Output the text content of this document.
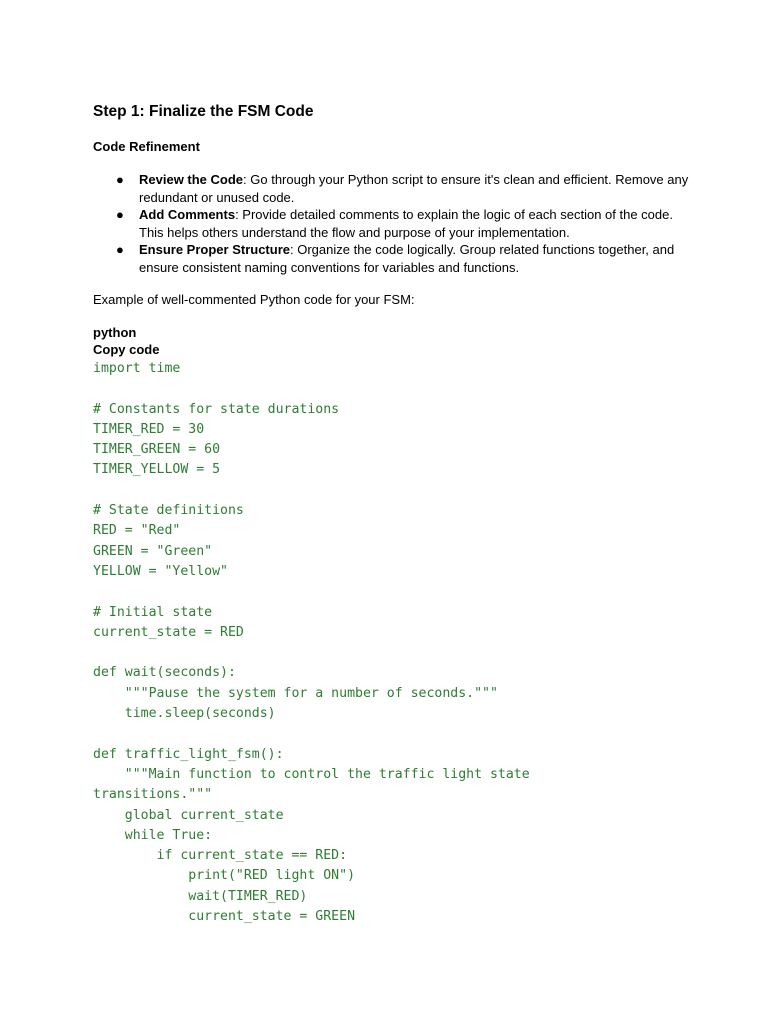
Step 1: Finalize the FSM Code
Code Refinement
● Review the Code: Go through your Python script to ensure it's clean and efficient. Remove any redundant or unused code.
● Add Comments: Provide detailed comments to explain the logic of each section of the code. This helps others understand the flow and purpose of your implementation.
● Ensure Proper Structure: Organize the code logically. Group related functions together, and ensure consistent naming conventions for variables and functions.

Example of well-commented Python code for your FSM:

python

Copy code

import time
# Constants for state durations
TIMER_RED = 30
TIMER_GREEN = 60
TIMER_YELLOW = 5
# State definitions
RED = "Red"
GREEN = "Green"
YELLOW = "Yellow"
# Initial state
current_state = RED
def wait(seconds):
"""Pause the system for a number of seconds."""
time.sleep(seconds)
def traffic_light_fsm():
"""Main function to control the traffic light state
transitions."""
global current_state
while True:
if current_state == RED:
print("RED light ON")
wait(TIMER_RED)
current_state = GREEN
